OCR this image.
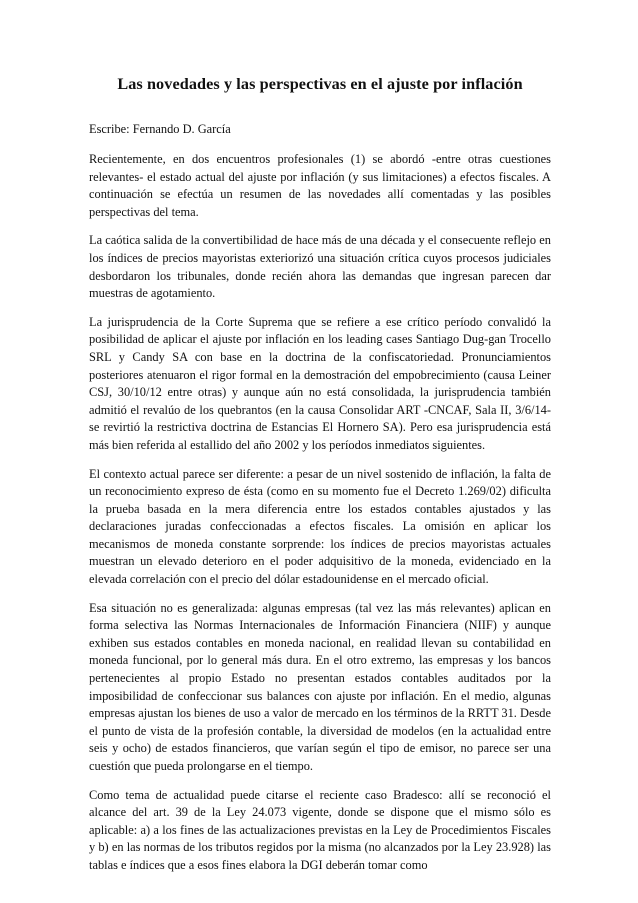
Las novedades y las perspectivas en el ajuste por inflación

Escribe: Fernando D. García

Recientemente, en dos encuentros profesionales (1) se abordó -entre otras cuestiones relevantes- el estado actual del ajuste por inflación (y sus limitaciones) a efectos fiscales. A continuación se efectúa un resumen de las novedades allí comentadas y las posibles perspectivas del tema.

La caótica salida de la convertibilidad de hace más de una década y el consecuente reflejo en los índices de precios mayoristas exteriorizó una situación crítica cuyos procesos judiciales desbordaron los tribunales, donde recién ahora las demandas que ingresan parecen dar muestras de agotamiento.

La jurisprudencia de la Corte Suprema que se refiere a ese crítico período convalidó la posibilidad de aplicar el ajuste por inflación en los leading cases Santiago Dug-gan Trocello SRL y Candy SA con base en la doctrina de la confiscatoriedad. Pronunciamientos posteriores atenuaron el rigor formal en la demostración del empobrecimiento (causa Leiner CSJ, 30/10/12 entre otras) y aunque aún no está consolidada, la jurisprudencia también admitió el revalúo de los quebrantos (en la causa Consolidar ART -CNCAF, Sala II, 3/6/14- se revirtió la restrictiva doctrina de Estancias El Hornero SA). Pero esa jurisprudencia está más bien referida al estallido del año 2002 y los períodos inmediatos siguientes.

El contexto actual parece ser diferente: a pesar de un nivel sostenido de inflación, la falta de un reconocimiento expreso de ésta (como en su momento fue el Decreto 1.269/02) dificulta la prueba basada en la mera diferencia entre los estados contables ajustados y las declaraciones juradas confeccionadas a efectos fiscales. La omisión en aplicar los mecanismos de moneda constante sorprende: los índices de precios mayoristas actuales muestran un elevado deterioro en el poder adquisitivo de la moneda, evidenciado en la elevada correlación con el precio del dólar estadounidense en el mercado oficial.

Esa situación no es generalizada: algunas empresas (tal vez las más relevantes) aplican en forma selectiva las Normas Internacionales de Información Financiera (NIIF) y aunque exhiben sus estados contables en moneda nacional, en realidad llevan su contabilidad en moneda funcional, por lo general más dura. En el otro extremo, las empresas y los bancos pertenecientes al propio Estado no presentan estados contables auditados por la imposibilidad de confeccionar sus balances con ajuste por inflación. En el medio, algunas empresas ajustan los bienes de uso a valor de mercado en los términos de la RRTT 31. Desde el punto de vista de la profesión contable, la diversidad de modelos (en la actualidad entre seis y ocho) de estados financieros, que varían según el tipo de emisor, no parece ser una cuestión que pueda prolongarse en el tiempo.

Como tema de actualidad puede citarse el reciente caso Bradesco: allí se reconoció el alcance del art. 39 de la Ley 24.073 vigente, donde se dispone que el mismo sólo es aplicable: a) a los fines de las actualizaciones previstas en la Ley de Procedimientos Fiscales y b) en las normas de los tributos regidos por la misma (no alcanzados por la Ley 23.928) las tablas e índices que a esos fines elabora la DGI deberán tomar como
